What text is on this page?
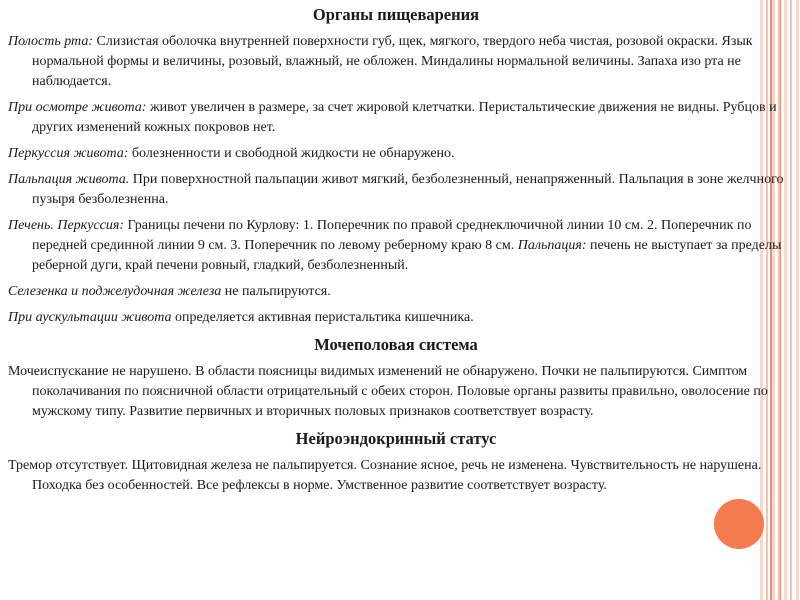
Органы пищеварения

Полость рта: Слизистая оболочка внутренней поверхности губ, щек, мягкого, твердого неба чистая, розовой окраски. Язык нормальной формы и величины, розовый, влажный, не обложен. Миндалины нормальной величины. Запаха изо рта не наблюдается.

При осмотре живота: живот увеличен в размере, за счет жировой клетчатки. Перистальтические движения не видны. Рубцов и других изменений кожных покровов нет.

Перкуссия живота: болезненности и свободной жидкости не обнаружено.

Пальпация живота. При поверхностной пальпации живот мягкий, безболезненный, ненапряженный. Пальпация в зоне желчного пузыря безболезненна.

Печень. Перкуссия: Границы печени по Курлову: 1. Поперечник по правой среднеключичной линии 10 см. 2. Поперечник по передней срединной линии 9 см. 3. Поперечник по левому реберному краю 8 см. Пальпация: печень не выступает за пределы реберной дуги, край печени ровный, гладкий, безболезненный.

Селезенка и поджелудочная железа не пальпируются.

При аускультации живота определяется активная перистальтика кишечника.

Мочеполовая система

Мочеиспускание не нарушено. В области поясницы видимых изменений не обнаружено. Почки не пальпируются. Симптом поколачивания по поясничной области отрицательный с обеих сторон. Половые органы развиты правильно, оволосение по мужскому типу. Развитие первичных и вторичных половых признаков соответствует возрасту.

Нейроэндокринный статус

Тремор отсутствует. Щитовидная железа не пальпируется. Сознание ясное, речь не изменена. Чувствительность не нарушена. Походка без особенностей. Все рефлексы в норме. Умственное развитие соответствует возрасту.
